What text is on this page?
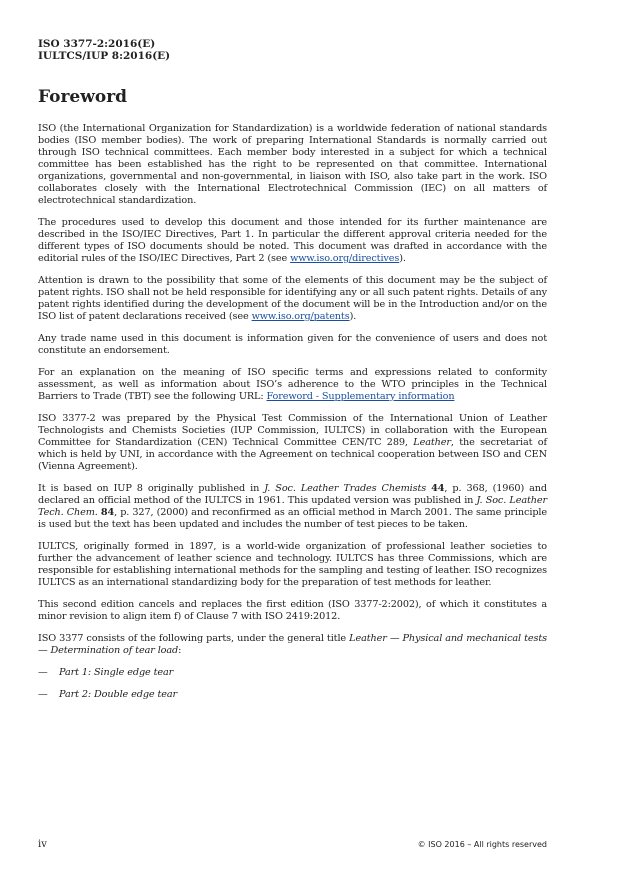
ISO 3377-2:2016(E)
IULTCS/IUP 8:2016(E)
Foreword

ISO (the International Organization for Standardization) is a worldwide federation of national standards bodies (ISO member bodies). The work of preparing International Standards is normally carried out through ISO technical committees. Each member body interested in a subject for which a technical committee has been established has the right to be represented on that committee. International organizations, governmental and non-governmental, in liaison with ISO, also take part in the work. ISO collaborates closely with the International Electrotechnical Commission (IEC) on all matters of electrotechnical standardization.

The procedures used to develop this document and those intended for its further maintenance are described in the ISO/IEC Directives, Part 1. In particular the different approval criteria needed for the different types of ISO documents should be noted. This document was drafted in accordance with the editorial rules of the ISO/IEC Directives, Part 2 (see www.iso.org/directives).

Attention is drawn to the possibility that some of the elements of this document may be the subject of patent rights. ISO shall not be held responsible for identifying any or all such patent rights. Details of any patent rights identified during the development of the document will be in the Introduction and/or on the ISO list of patent declarations received (see www.iso.org/patents).

Any trade name used in this document is information given for the convenience of users and does not constitute an endorsement.

For an explanation on the meaning of ISO specific terms and expressions related to conformity assessment, as well as information about ISO’s adherence to the WTO principles in the Technical Barriers to Trade (TBT) see the following URL: Foreword - Supplementary information

ISO 3377-2 was prepared by the Physical Test Commission of the International Union of Leather Technologists and Chemists Societies (IUP Commission, IULTCS) in collaboration with the European Committee for Standardization (CEN) Technical Committee CEN/TC 289, Leather, the secretariat of which is held by UNI, in accordance with the Agreement on technical cooperation between ISO and CEN (Vienna Agreement).

It is based on IUP 8 originally published in J. Soc. Leather Trades Chemists 44, p. 368, (1960) and declared an official method of the IULTCS in 1961. This updated version was published in J. Soc. Leather Tech. Chem. 84, p. 327, (2000) and reconfirmed as an official method in March 2001. The same principle is used but the text has been updated and includes the number of test pieces to be taken.

IULTCS, originally formed in 1897, is a world-wide organization of professional leather societies to further the advancement of leather science and technology. IULTCS has three Commissions, which are responsible for establishing international methods for the sampling and testing of leather. ISO recognizes IULTCS as an international standardizing body for the preparation of test methods for leather.

This second edition cancels and replaces the first edition (ISO 3377-2:2002), of which it constitutes a minor revision to align item f) of Clause 7 with ISO 2419:2012.

ISO 3377 consists of the following parts, under the general title Leather — Physical and mechanical tests — Determination of tear load:

— Part 1: Single edge tear
— Part 2: Double edge tear
iv	© ISO 2016 – All rights reserved
